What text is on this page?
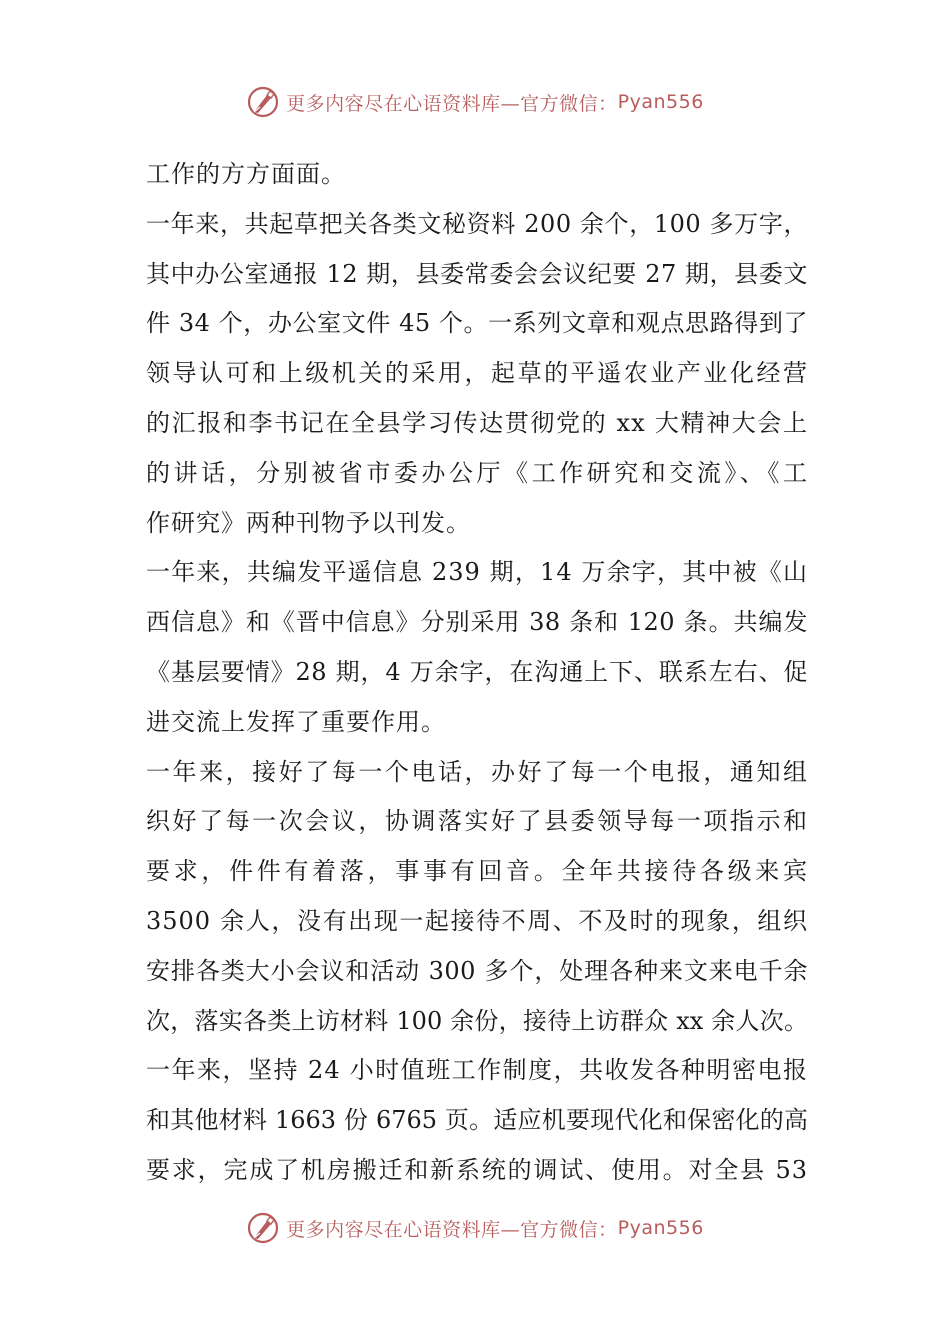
更多内容尽在心语资料库—官方微信： Pyan556
工作的方方面面。
一年来，共起草把关各类文秘资料 200 余个，100 多万字，
其中办公室通报 12 期，县委常委会会议纪要 27 期，县委文
件 34 个，办公室文件 45 个。一系列文章和观点思路得到了
领导认可和上级机关的采用，起草的平遥农业产业化经营
的汇报和李书记在全县学习传达贯彻党的 xx 大精神大会上
的讲话，分别被省市委办公厅《工作研究和交流》、《工
作研究》两种刊物予以刊发。
一年来，共编发平遥信息 239 期，14 万余字，其中被《山
西信息》和《晋中信息》分别采用 38 条和 120 条。共编发
《基层要情》28 期，4 万余字，在沟通上下、联系左右、促
进交流上发挥了重要作用。
一年来，接好了每一个电话，办好了每一个电报，通知组
织好了每一次会议，协调落实好了县委领导每一项指示和
要求，件件有着落，事事有回音。全年共接待各级来宾
3500 余人，没有出现一起接待不周、不及时的现象，组织
安排各类大小会议和活动 300 多个，处理各种来文来电千余
次，落实各类上访材料 100 余份，接待上访群众 xx 余人次。
一年来，坚持 24 小时值班工作制度，共收发各种明密电报
和其他材料 1663 份 6765 页。适应机要现代化和保密化的高
要求，完成了机房搬迁和新系统的调试、使用。对全县 53
更多内容尽在心语资料库—官方微信： Pyan556
